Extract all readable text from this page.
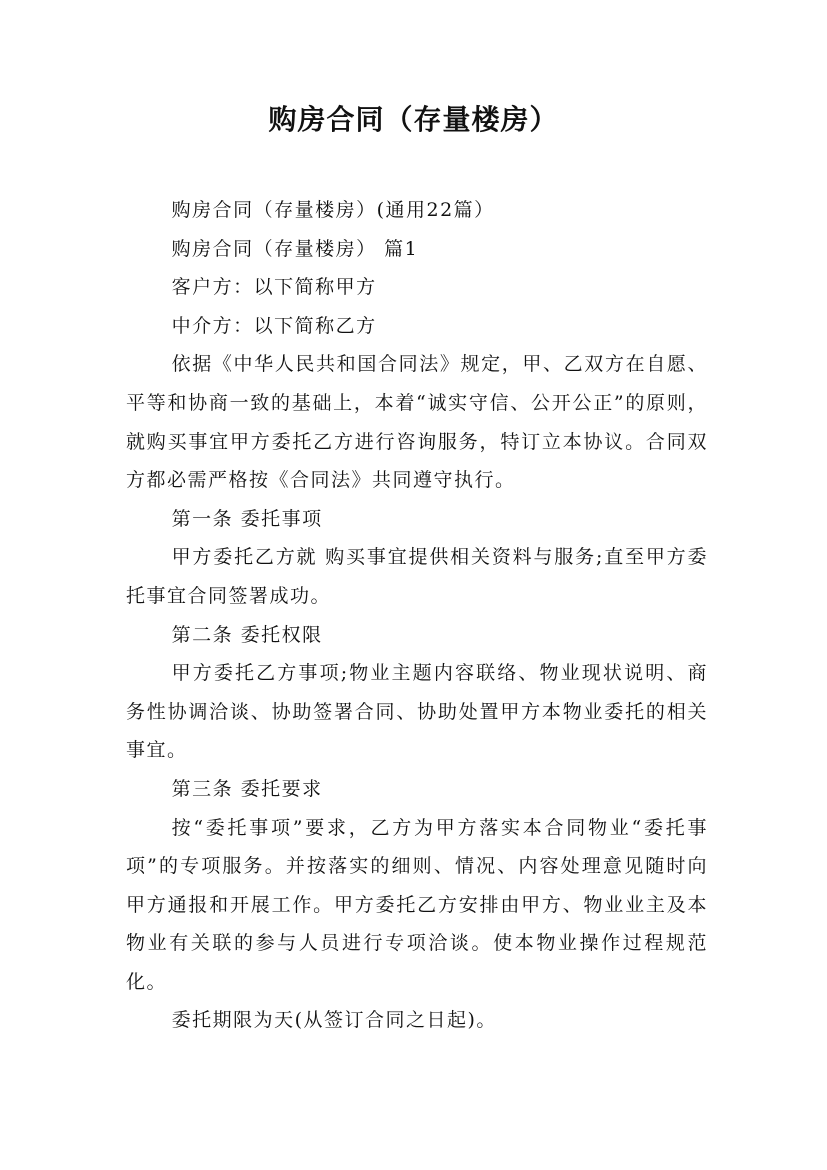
购房合同（存量楼房）

购房合同（存量楼房）(通用22篇）

购房合同（存量楼房） 篇1

客户方：以下简称甲方

中介方：以下简称乙方

依据《中华人民共和国合同法》规定，甲、乙双方在自愿、平等和协商一致的基础上，本着“诚实守信、公开公正”的原则，就购买事宜甲方委托乙方进行咨询服务，特订立本协议。合同双方都必需严格按《合同法》共同遵守执行。

第一条 委托事项

甲方委托乙方就 购买事宜提供相关资料与服务;直至甲方委托事宜合同签署成功。

第二条 委托权限

甲方委托乙方事项;物业主题内容联络、物业现状说明、商务性协调洽谈、协助签署合同、协助处置甲方本物业委托的相关事宜。

第三条 委托要求

按“委托事项”要求，乙方为甲方落实本合同物业“委托事项”的专项服务。并按落实的细则、情况、内容处理意见随时向甲方通报和开展工作。甲方委托乙方安排由甲方、物业业主及本物业有关联的参与人员进行专项洽谈。使本物业操作过程规范化。

委托期限为天(从签订合同之日起)。
